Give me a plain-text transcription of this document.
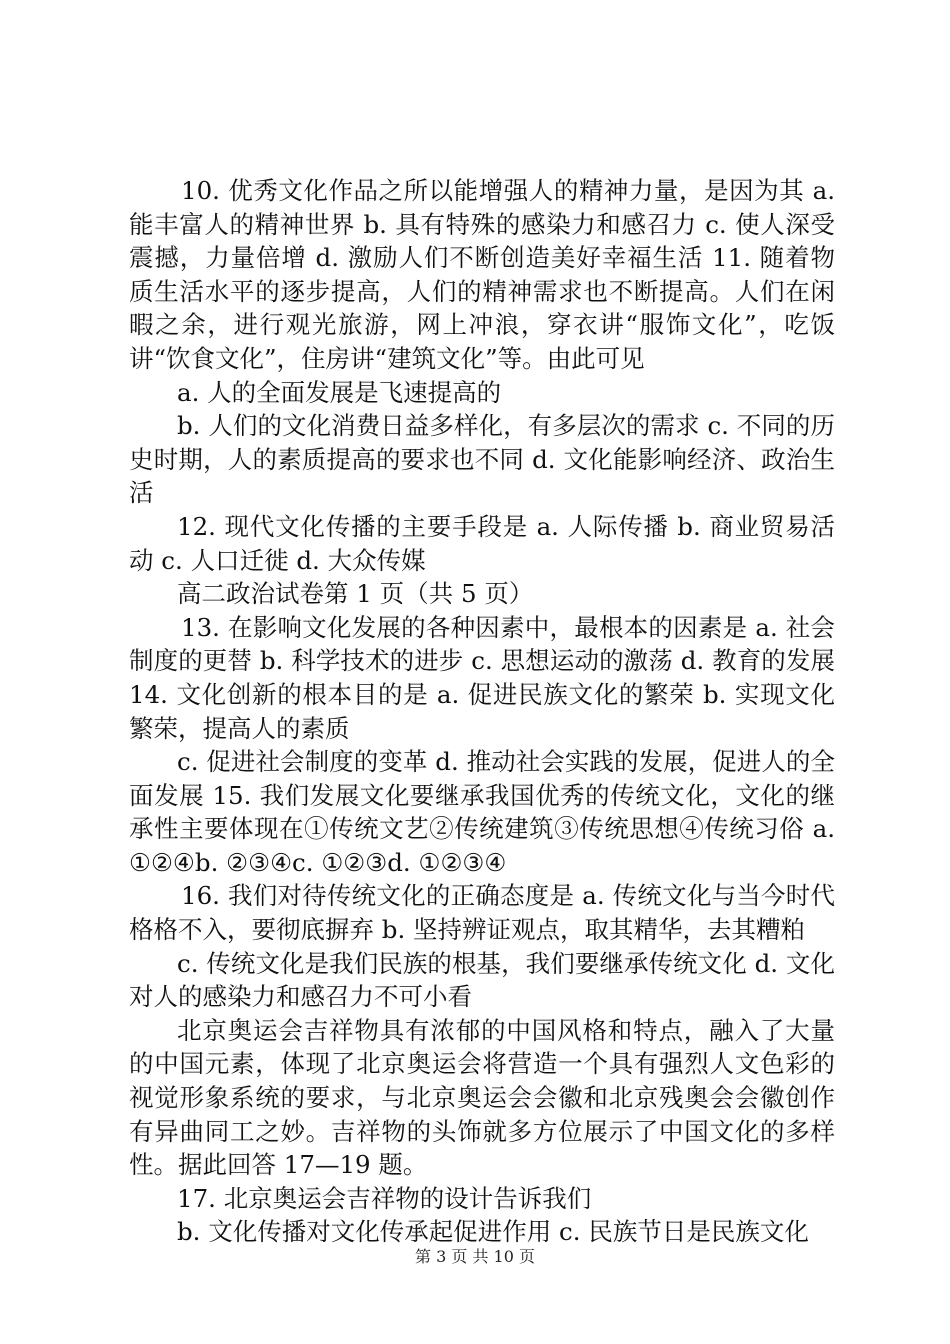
10. 优秀文化作品之所以能增强人的精神力量，是因为其 a. 能丰富人的精神世界 b. 具有特殊的感染力和感召力 c. 使人深受震撼，力量倍增 d. 激励人们不断创造美好幸福生活 11. 随着物质生活水平的逐步提高，人们的精神需求也不断提高。人们在闲暇之余，进行观光旅游，网上冲浪，穿衣讲“服饰文化”，吃饭讲“饮食文化”，住房讲“建筑文化”等。由此可见

a. 人的全面发展是飞速提高的

b. 人们的文化消费日益多样化，有多层次的需求 c. 不同的历史时期，人的素质提高的要求也不同 d. 文化能影响经济、政治生活

12. 现代文化传播的主要手段是 a. 人际传播 b. 商业贸易活动 c. 人口迁徙 d. 大众传媒

高二政治试卷第 1 页（共 5 页）

13. 在影响文化发展的各种因素中，最根本的因素是 a. 社会制度的更替 b. 科学技术的进步 c. 思想运动的激荡 d. 教育的发展 14. 文化创新的根本目的是 a. 促进民族文化的繁荣 b. 实现文化繁荣，提高人的素质

c. 促进社会制度的变革 d. 推动社会实践的发展，促进人的全面发展 15. 我们发展文化要继承我国优秀的传统文化，文化的继承性主要体现在①传统文艺②传统建筑③传统思想④传统习俗 a. ①②④b. ②③④c. ①②③d. ①②③④

16. 我们对待传统文化的正确态度是 a. 传统文化与当今时代格格不入，要彻底摒弃 b. 坚持辨证观点，取其精华，去其糟粕

c. 传统文化是我们民族的根基，我们要继承传统文化 d. 文化对人的感染力和感召力不可小看

北京奥运会吉祥物具有浓郁的中国风格和特点，融入了大量的中国元素，体现了北京奥运会将营造一个具有强烈人文色彩的视觉形象系统的要求，与北京奥运会会徽和北京残奥会会徽创作有异曲同工之妙。吉祥物的头饰就多方位展示了中国文化的多样性。据此回答 17—19 题。

17. 北京奥运会吉祥物的设计告诉我们

b. 文化传播对文化传承起促进作用 c. 民族节日是民族文化

第 3 页 共 10 页
